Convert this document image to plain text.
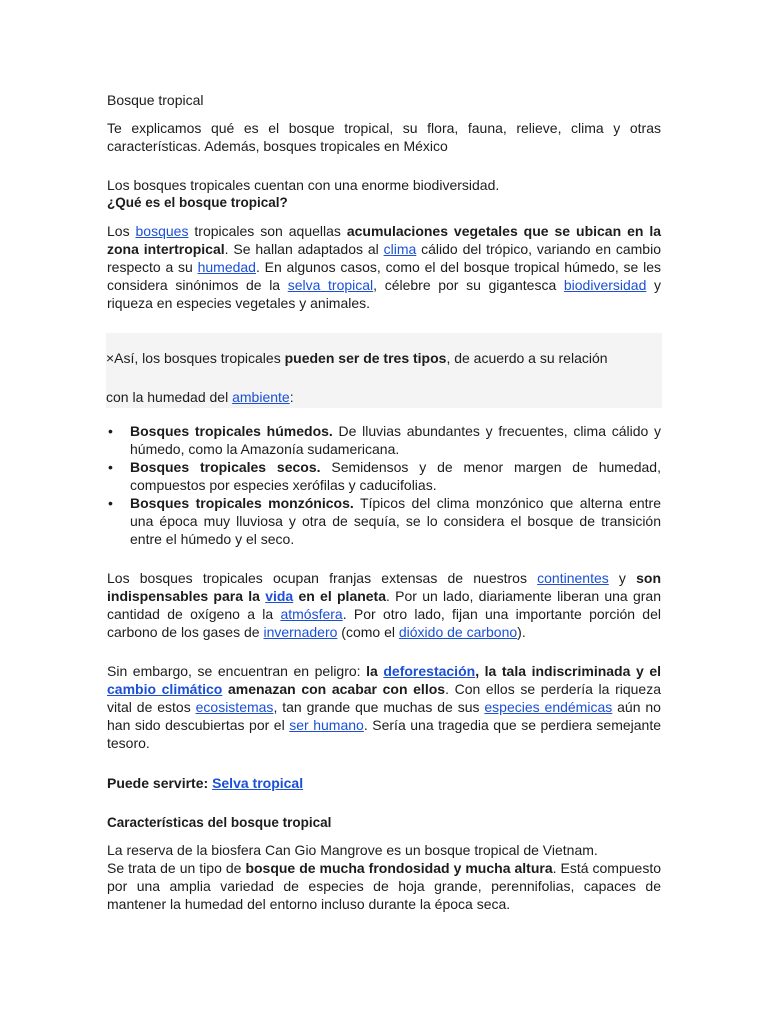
Bosque tropical

Te explicamos qué es el bosque tropical, su flora, fauna, relieve, clima y otras características. Además, bosques tropicales en México

Los bosques tropicales cuentan con una enorme biodiversidad.

¿Qué es el bosque tropical?

Los bosques tropicales son aquellas acumulaciones vegetales que se ubican en la zona intertropical. Se hallan adaptados al clima cálido del trópico, variando en cambio respecto a su humedad. En algunos casos, como el del bosque tropical húmedo, se les considera sinónimos de la selva tropical, célebre por su gigantesca biodiversidad y riqueza en especies vegetales y animales.

×Así, los bosques tropicales pueden ser de tres tipos, de acuerdo a su relación

con la humedad del ambiente:

• Bosques tropicales húmedos. De lluvias abundantes y frecuentes, clima cálido y húmedo, como la Amazonía sudamericana.
• Bosques tropicales secos. Semidensos y de menor margen de humedad, compuestos por especies xerófilas y caducifolias.
• Bosques tropicales monzónicos. Típicos del clima monzónico que alterna entre una época muy lluviosa y otra de sequía, se lo considera el bosque de transición entre el húmedo y el seco.

Los bosques tropicales ocupan franjas extensas de nuestros continentes y son indispensables para la vida en el planeta. Por un lado, diariamente liberan una gran cantidad de oxígeno a la atmósfera. Por otro lado, fijan una importante porción del carbono de los gases de invernadero (como el dióxido de carbono).

Sin embargo, se encuentran en peligro: la deforestación, la tala indiscriminada y el cambio climático amenazan con acabar con ellos. Con ellos se perdería la riqueza vital de estos ecosistemas, tan grande que muchas de sus especies endémicas aún no han sido descubiertas por el ser humano. Sería una tragedia que se perdiera semejante tesoro.

Puede servirte: Selva tropical

Características del bosque tropical

La reserva de la biosfera Can Gio Mangrove es un bosque tropical de Vietnam.
Se trata de un tipo de bosque de mucha frondosidad y mucha altura. Está compuesto por una amplia variedad de especies de hoja grande, perennifolias, capaces de mantener la humedad del entorno incluso durante la época seca.
